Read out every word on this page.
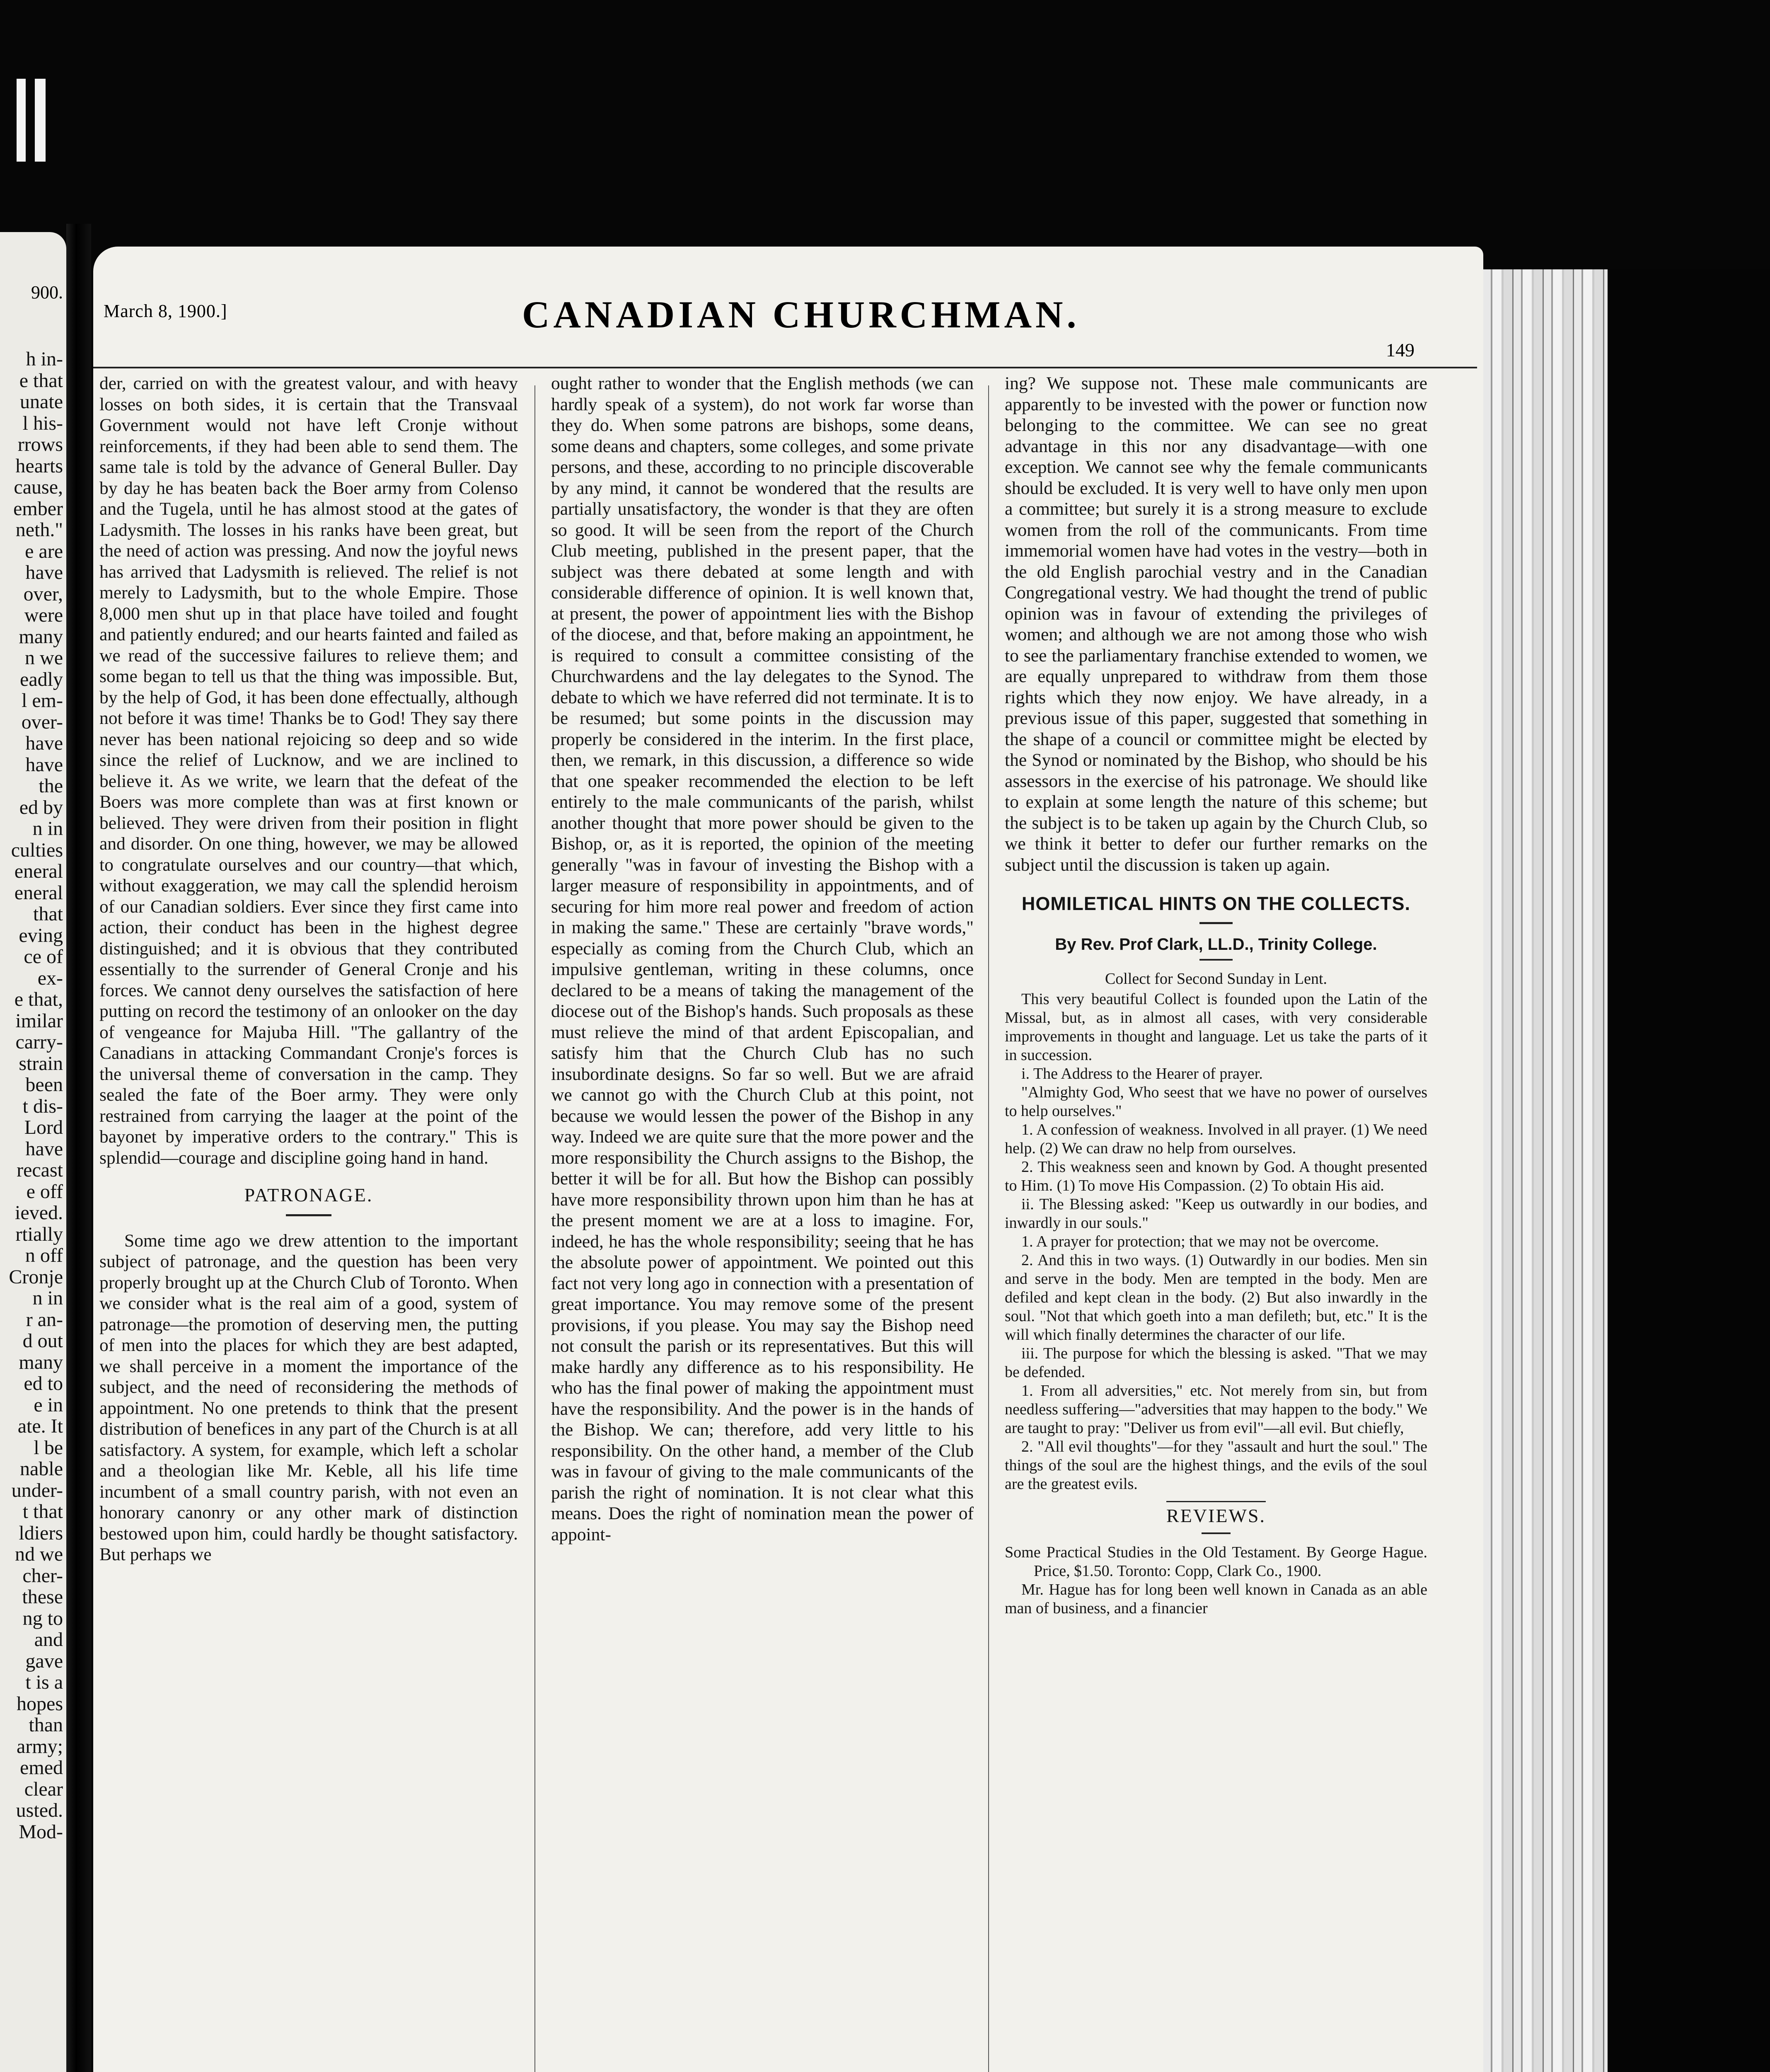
900.
h in-
e that
unate
l his-
rrows
hearts
cause,
ember
neth."
e are
have
over,
were
many
n we
eadly
l em-
over-
have
have
the
ed by
n in
culties
eneral
eneral
that
eving
ce of
ex-
e that,
imilar
carry-
strain
been
t dis-
Lord
have
recast
e off
ieved.
rtially
n off
Cronje
n in
r an-
d out
many
ed to
e in
ate. It
l be
nable
under-
t that
ldiers
nd we
cher-
these
ng to
and
gave
t is a
hopes
than
army;
emed
clear
usted.
Mod-
March 8, 1900.]	CANADIAN CHURCHMAN.
149

der, carried on with the greatest valour, and with heavy losses on both sides, it is certain that the Transvaal Government would not have left Cronje without reinforcements, if they had been able to send them. The same tale is told by the advance of General Buller. Day by day he has beaten back the Boer army from Colenso and the Tugela, until he has almost stood at the gates of Ladysmith. The losses in his ranks have been great, but the need of action was pressing. And now the joyful news has arrived that Ladysmith is relieved. The relief is not merely to Ladysmith, but to the whole Empire. Those 8,000 men shut up in that place have toiled and fought and patiently endured; and our hearts fainted and failed as we read of the successive failures to relieve them; and some began to tell us that the thing was impossible. But, by the help of God, it has been done effectually, although not before it was time! Thanks be to God! They say there never has been national rejoicing so deep and so wide since the relief of Lucknow, and we are inclined to believe it. As we write, we learn that the defeat of the Boers was more complete than was at first known or believed. They were driven from their position in flight and disorder. On one thing, however, we may be allowed to congratulate ourselves and our country—that which, without exaggeration, we may call the splendid heroism of our Canadian soldiers. Ever since they first came into action, their conduct has been in the highest degree distinguished; and it is obvious that they contributed essentially to the surrender of General Cronje and his forces. We cannot deny ourselves the satisfaction of here putting on record the testimony of an onlooker on the day of vengeance for Majuba Hill. "The gallantry of the Canadians in attacking Commandant Cronje's forces is the universal theme of conversation in the camp. They sealed the fate of the Boer army. They were only restrained from carrying the laager at the point of the bayonet by imperative orders to the contrary." This is splendid—courage and discipline going hand in hand.

PATRONAGE.

Some time ago we drew attention to the important subject of patronage, and the question has been very properly brought up at the Church Club of Toronto. When we consider what is the real aim of a good, system of patronage—the promotion of deserving men, the putting of men into the places for which they are best adapted, we shall perceive in a moment the importance of the subject, and the need of reconsidering the methods of appointment. No one pretends to think that the present distribution of benefices in any part of the Church is at all satisfactory. A system, for example, which left a scholar and a theologian like Mr. Keble, all his life time incumbent of a small country parish, with not even an honorary canonry or any other mark of distinction bestowed upon him, could hardly be thought satisfactory. But perhaps we

ought rather to wonder that the English methods (we can hardly speak of a system), do not work far worse than they do. When some patrons are bishops, some deans, some deans and chapters, some colleges, and some private persons, and these, according to no principle discoverable by any mind, it cannot be wondered that the results are partially unsatisfactory, the wonder is that they are often so good. It will be seen from the report of the Church Club meeting, published in the present paper, that the subject was there debated at some length and with considerable difference of opinion. It is well known that, at present, the power of appointment lies with the Bishop of the diocese, and that, before making an appointment, he is required to consult a committee consisting of the Churchwardens and the lay delegates to the Synod. The debate to which we have referred did not terminate. It is to be resumed; but some points in the discussion may properly be considered in the interim. In the first place, then, we remark, in this discussion, a difference so wide that one speaker recommended the election to be left entirely to the male communicants of the parish, whilst another thought that more power should be given to the Bishop, or, as it is reported, the opinion of the meeting generally "was in favour of investing the Bishop with a larger measure of responsibility in appointments, and of securing for him more real power and freedom of action in making the same." These are certainly "brave words," especially as coming from the Church Club, which an impulsive gentleman, writing in these columns, once declared to be a means of taking the management of the diocese out of the Bishop's hands. Such proposals as these must relieve the mind of that ardent Episcopalian, and satisfy him that the Church Club has no such insubordinate designs. So far so well. But we are afraid we cannot go with the Church Club at this point, not because we would lessen the power of the Bishop in any way. Indeed we are quite sure that the more power and the more responsibility the Church assigns to the Bishop, the better it will be for all. But how the Bishop can possibly have more responsibility thrown upon him than he has at the present moment we are at a loss to imagine. For, indeed, he has the whole responsibility; seeing that he has the absolute power of appointment. We pointed out this fact not very long ago in connection with a presentation of great importance. You may remove some of the present provisions, if you please. You may say the Bishop need not consult the parish or its representatives. But this will make hardly any difference as to his responsibility. He who has the final power of making the appointment must have the responsibility. And the power is in the hands of the Bishop. We can; therefore, add very little to his responsibility. On the other hand, a member of the Club was in favour of giving to the male communicants of the parish the right of nomination. It is not clear what this means. Does the right of nomination mean the power of appoint-

ing? We suppose not. These male communicants are apparently to be invested with the power or function now belonging to the committee. We can see no great advantage in this nor any disadvantage—with one exception. We cannot see why the female communicants should be excluded. It is very well to have only men upon a committee; but surely it is a strong measure to exclude women from the roll of the communicants. From time immemorial women have had votes in the vestry—both in the old English parochial vestry and in the Canadian Congregational vestry. We had thought the trend of public opinion was in favour of extending the privileges of women; and although we are not among those who wish to see the parliamentary franchise extended to women, we are equally unprepared to withdraw from them those rights which they now enjoy. We have already, in a previous issue of this paper, suggested that something in the shape of a council or committee might be elected by the Synod or nominated by the Bishop, who should be his assessors in the exercise of his patronage. We should like to explain at some length the nature of this scheme; but the subject is to be taken up again by the Church Club, so we think it better to defer our further remarks on the subject until the discussion is taken up again.

HOMILETICAL HINTS ON THE COLLECTS.
By Rev. Prof Clark, LL.D., Trinity College.

Collect for Second Sunday in Lent.

This very beautiful Collect is founded upon the Latin of the Missal, but, as in almost all cases, with very considerable improvements in thought and language. Let us take the parts of it in succession.

i. The Address to the Hearer of prayer.

"Almighty God, Who seest that we have no power of ourselves to help ourselves."

1. A confession of weakness. Involved in all prayer. (1) We need help. (2) We can draw no help from ourselves.

2. This weakness seen and known by God. A thought presented to Him. (1) To move His Compassion. (2) To obtain His aid.

ii. The Blessing asked: "Keep us outwardly in our bodies, and inwardly in our souls."

1. A prayer for protection; that we may not be overcome.

2. And this in two ways. (1) Outwardly in our bodies. Men sin and serve in the body. Men are tempted in the body. Men are defiled and kept clean in the body. (2) But also inwardly in the soul. "Not that which goeth into a man defileth; but, etc." It is the will which finally determines the character of our life.

iii. The purpose for which the blessing is asked. "That we may be defended.

1. From all adversities," etc. Not merely from sin, but from needless suffering—"adversities that may happen to the body." We are taught to pray: "Deliver us from evil"—all evil. But chiefly,

2. "All evil thoughts"—for they "assault and hurt the soul." The things of the soul are the highest things, and the evils of the soul are the greatest evils.

REVIEWS.

Some Practical Studies in the Old Testament. By George Hague. Price, $1.50. Toronto: Copp, Clark Co., 1900.

Mr. Hague has for long been well known in Canada as an able man of business, and a financier
